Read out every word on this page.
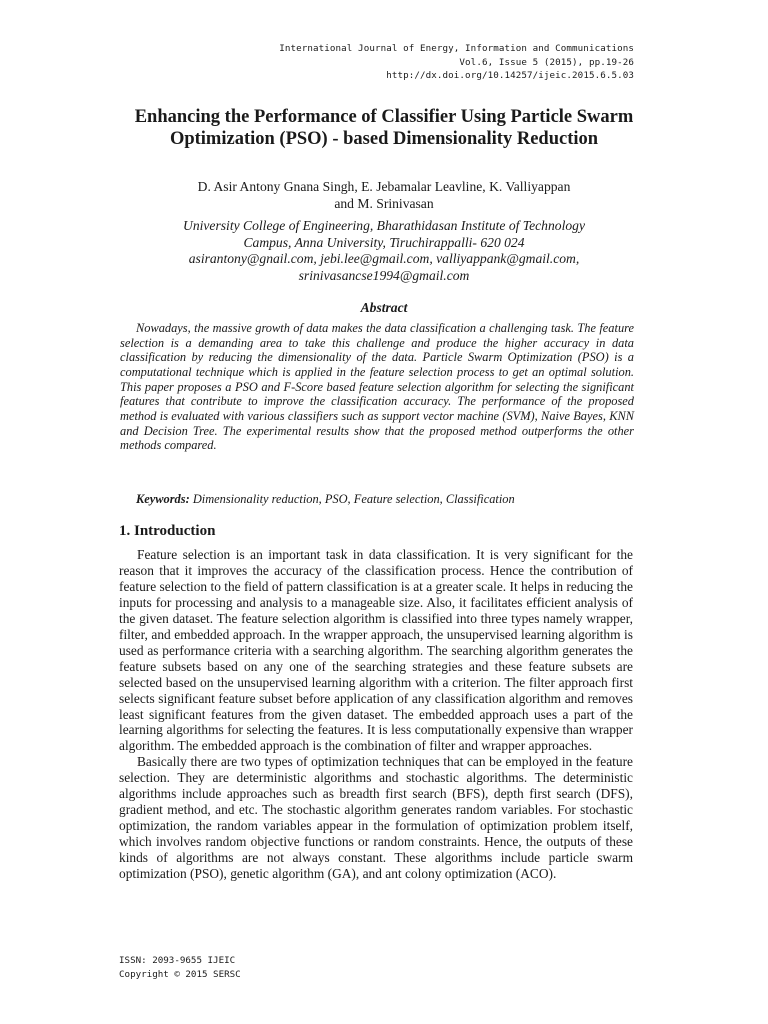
International Journal of Energy, Information and Communications
Vol.6, Issue 5 (2015), pp.19-26
http://dx.doi.org/10.14257/ijeic.2015.6.5.03
Enhancing the Performance of Classifier Using Particle Swarm
Optimization (PSO) - based Dimensionality Reduction
D. Asir Antony Gnana Singh, E. Jebamalar Leavline, K. Valliyappan
and M. Srinivasan
University College of Engineering, Bharathidasan Institute of Technology
Campus, Anna University, Tiruchirappalli- 620 024
asirantony@gnail.com, jebi.lee@gmail.com, valliyappank@gmail.com,
srinivasancse1994@gmail.com
Abstract

Nowadays, the massive growth of data makes the data classification a challenging task. The feature selection is a demanding area to take this challenge and produce the higher accuracy in data classification by reducing the dimensionality of the data. Particle Swarm Optimization (PSO) is a computational technique which is applied in the feature selection process to get an optimal solution. This paper proposes a PSO and F-Score based feature selection algorithm for selecting the significant features that contribute to improve the classification accuracy. The performance of the proposed method is evaluated with various classifiers such as support vector machine (SVM), Naive Bayes, KNN and Decision Tree. The experimental results show that the proposed method outperforms the other methods compared.

Keywords: Dimensionality reduction, PSO, Feature selection, Classification

1. Introduction

Feature selection is an important task in data classification. It is very significant for the reason that it improves the accuracy of the classification process. Hence the contribution of feature selection to the field of pattern classification is at a greater scale. It helps in reducing the inputs for processing and analysis to a manageable size. Also, it facilitates efficient analysis of the given dataset. The feature selection algorithm is classified into three types namely wrapper, filter, and embedded approach. In the wrapper approach, the unsupervised learning algorithm is used as performance criteria with a searching algorithm. The searching algorithm generates the feature subsets based on any one of the searching strategies and these feature subsets are selected based on the unsupervised learning algorithm with a criterion. The filter approach first selects significant feature subset before application of any classification algorithm and removes least significant features from the given dataset. The embedded approach uses a part of the learning algorithms for selecting the features. It is less computationally expensive than wrapper algorithm. The embedded approach is the combination of filter and wrapper approaches.

Basically there are two types of optimization techniques that can be employed in the feature selection. They are deterministic algorithms and stochastic algorithms. The deterministic algorithms include approaches such as breadth first search (BFS), depth first search (DFS), gradient method, and etc. The stochastic algorithm generates random variables. For stochastic optimization, the random variables appear in the formulation of optimization problem itself, which involves random objective functions or random constraints. Hence, the outputs of these kinds of algorithms are not always constant. These algorithms include particle swarm optimization (PSO), genetic algorithm (GA), and ant colony optimization (ACO).

ISSN: 2093-9655 IJEIC
Copyright © 2015 SERSC
